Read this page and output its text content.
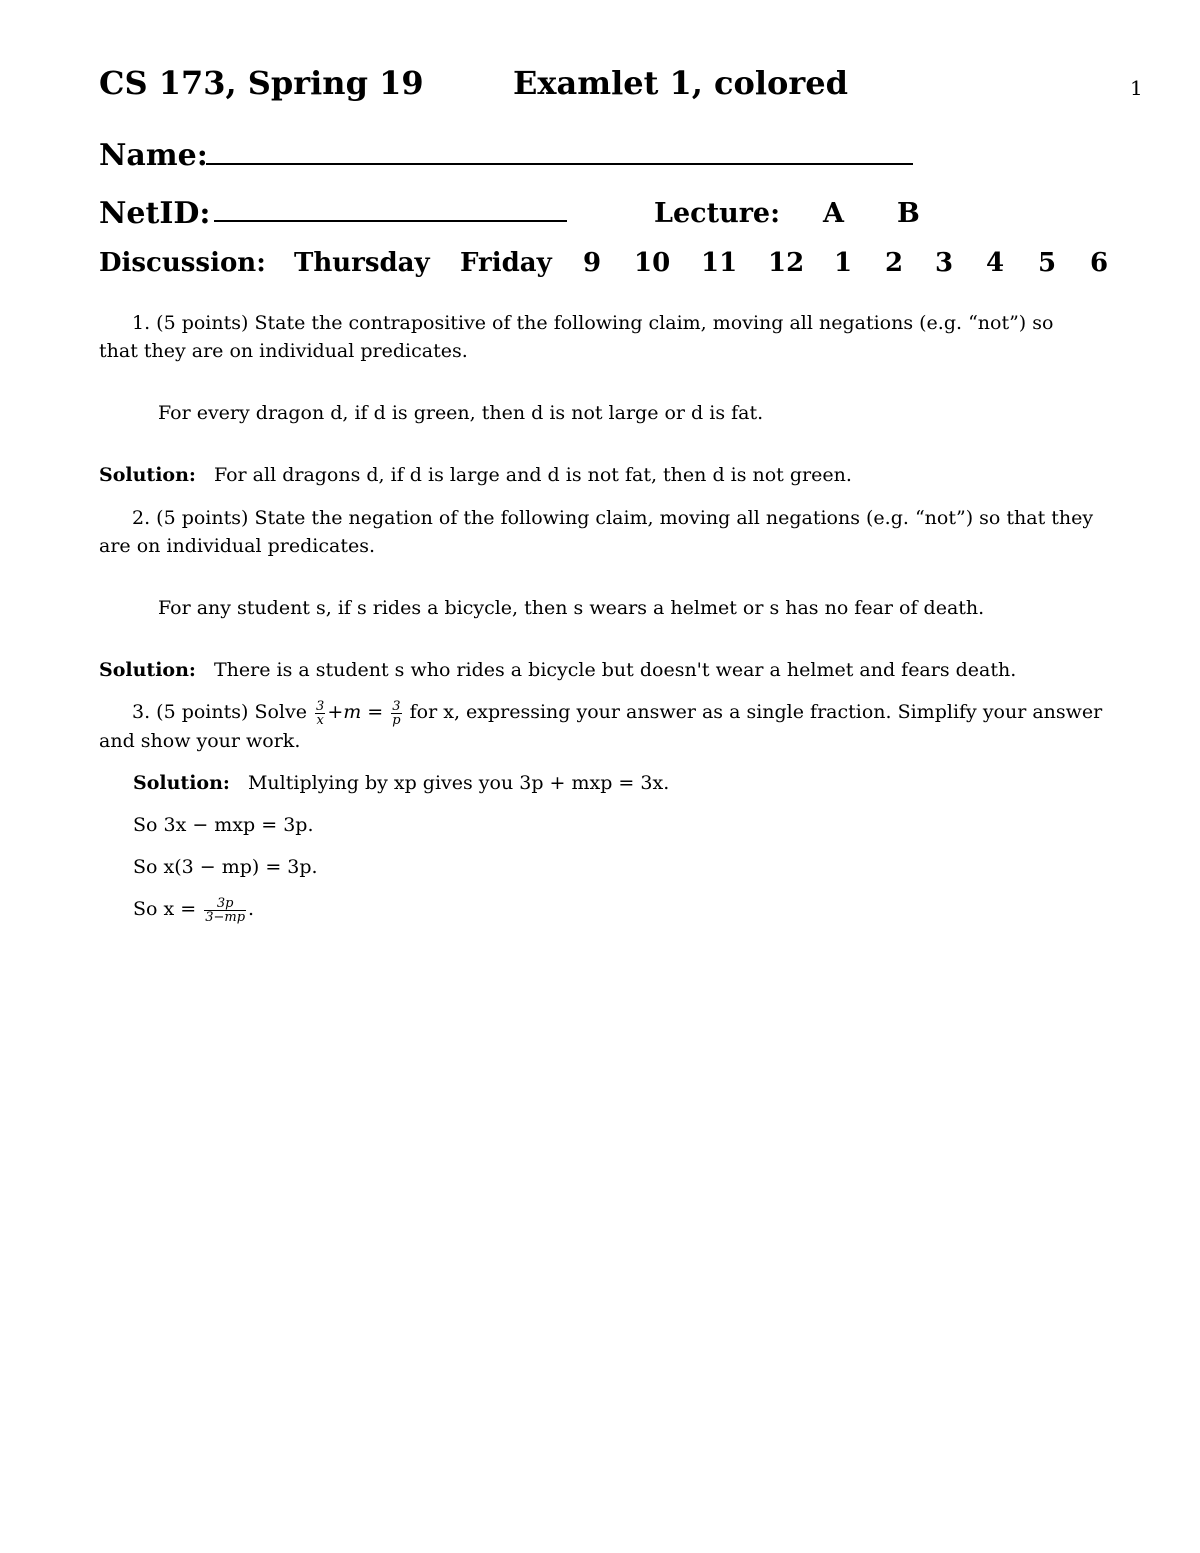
CS 173, Spring 19	Examlet 1, colored	1
Name:
NetID:	Lecture: A B
Discussion: Thursday Friday 9 10 11 12 1 2 3 4 5 6
1. (5 points) State the contrapositive of the following claim, moving all negations (e.g. “not”) so
that they are on individual predicates.
For every dragon d, if d is green, then d is not large or d is fat.
Solution: For all dragons d, if d is large and d is not fat, then d is not green.
2. (5 points) State the negation of the following claim, moving all negations (e.g. “not”) so that they
are on individual predicates.
For any student s, if s rides a bicycle, then s wears a helmet or s has no fear of death.
Solution: There is a student s who rides a bicycle but doesn't wear a helmet and fears death.
3. (5 points) Solve $\frac{3}{x} +m = \frac{3}{p}$ for x, expressing your answer as a single fraction. Simplify your answer
and show your work.
Solution: Multiplying by xp gives you 3p + mxp = 3x.
So 3x − mxp = 3p.
So x(3 − mp) = 3p.
So $x = \frac{3p}{3-mp}$ .
